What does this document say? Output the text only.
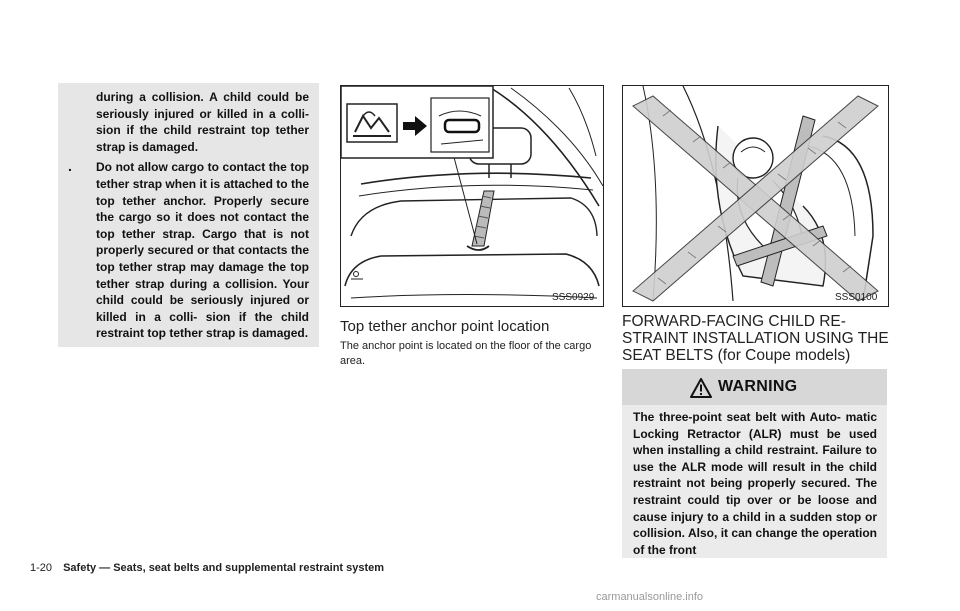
during a collision. A child could be seriously injured or killed in a colli- sion if the child restraint top tether strap is damaged.

.	Do not allow cargo to contact the top tether strap when it is attached to the top tether anchor. Properly secure the cargo so it does not contact the top tether strap. Cargo that is not properly secured or that contacts the top tether strap may damage the top tether strap during a collision. Your child could be seriously injured or killed in a colli- sion if the child restraint top tether strap is damaged.

SSS0929
Top tether anchor point location
The anchor point is located on the floor of the cargo area.
SSS0100
FORWARD-FACING CHILD RE- STRAINT INSTALLATION USING THE SEAT BELTS (for Coupe models)
WARNING

The three-point seat belt with Auto- matic Locking Retractor (ALR) must be used when installing a child restraint. Failure to use the ALR mode will result in the child restraint not being properly secured. The restraint could tip over or be loose and cause injury to a child in a sudden stop or collision. Also, it can change the operation of the front

1-20 Safety — Seats, seat belts and supplemental restraint system
carmanualsonline.info
